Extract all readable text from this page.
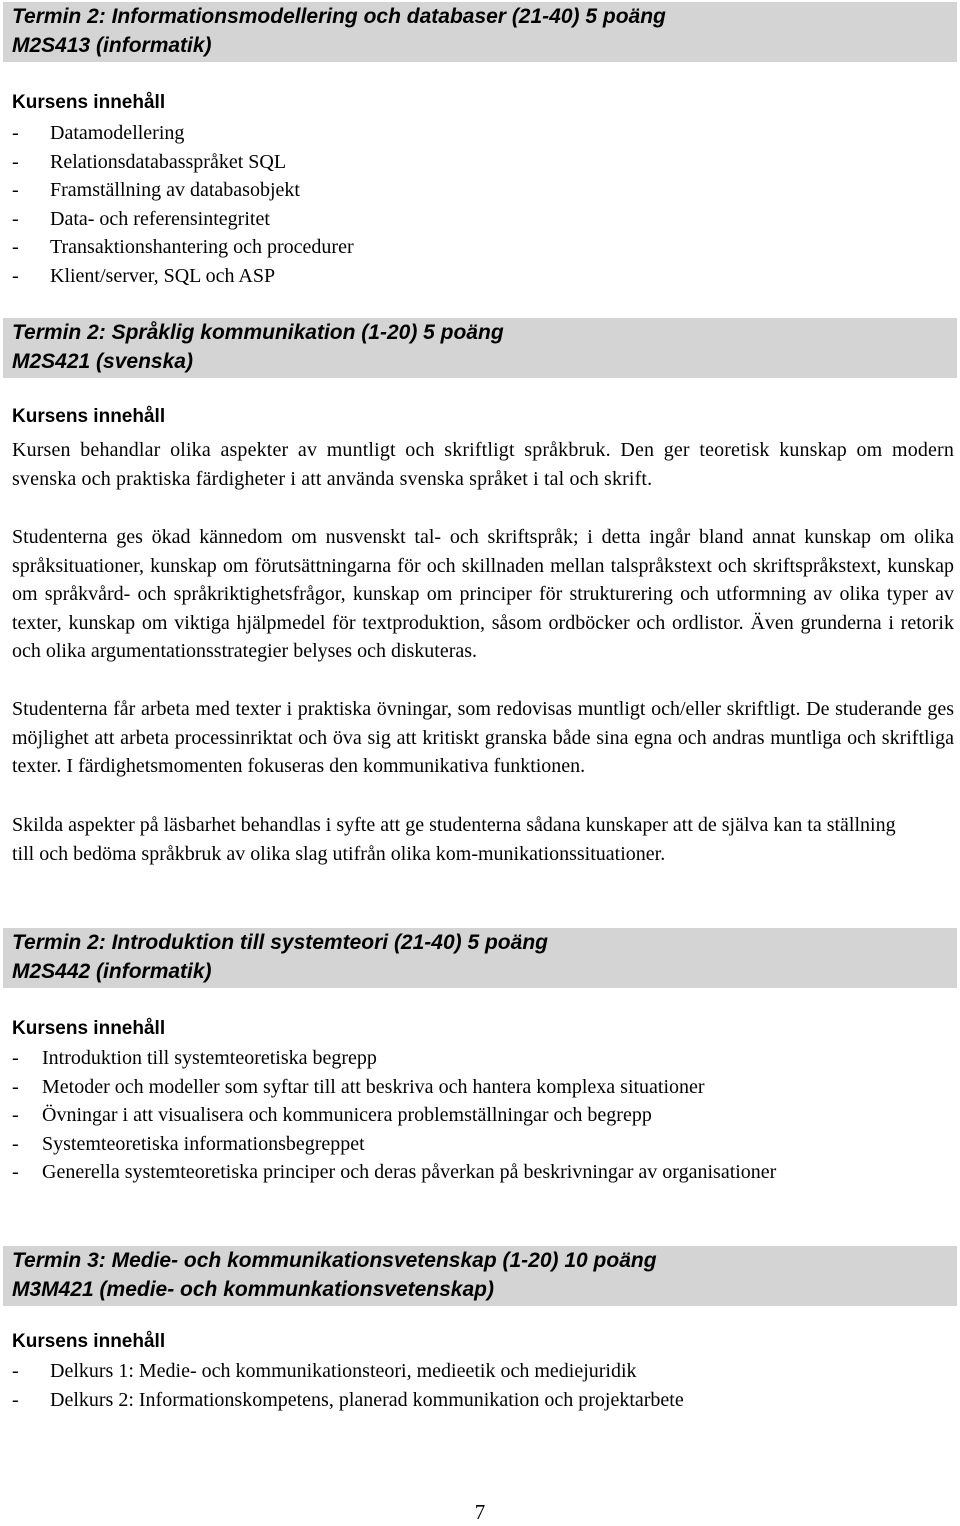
Termin 2: Informationsmodellering och databaser (21-40) 5 poäng
M2S413 (informatik)
Kursens innehåll
- Datamodellering
- Relationsdatabasspråket SQL
- Framställning av databasobjekt
- Data- och referensintegritet
- Transaktionshantering och procedurer
- Klient/server, SQL och ASP
Termin 2: Språklig kommunikation (1-20) 5 poäng
M2S421 (svenska)
Kursens innehåll

Kursen behandlar olika aspekter av muntligt och skriftligt språkbruk. Den ger teoretisk kunskap om modern svenska och praktiska färdigheter i att använda svenska språket i tal och skrift.

Studenterna ges ökad kännedom om nusvenskt tal- och skriftspråk; i detta ingår bland annat kunskap om olika språksituationer, kunskap om förutsättningarna för och skillnaden mellan talspråkstext och skriftspråkstext, kunskap om språkvård- och språkriktighetsfrågor, kunskap om principer för strukturering och utformning av olika typer av texter, kunskap om viktiga hjälpmedel för textproduktion, såsom ordböcker och ordlistor. Även grunderna i retorik och olika argumentationsstrategier belyses och diskuteras.

Studenterna får arbeta med texter i praktiska övningar, som redovisas muntligt och/eller skriftligt. De studerande ges möjlighet att arbeta processinriktat och öva sig att kritiskt granska både sina egna och andras muntliga och skriftliga texter. I färdighetsmomenten fokuseras den kommunikativa funktionen.

Skilda aspekter på läsbarhet behandlas i syfte att ge studenterna sådana kunskaper att de själva kan ta ställning till och bedöma språkbruk av olika slag utifrån olika kom-munikationssituationer.

Termin 2: Introduktion till systemteori (21-40) 5 poäng
M2S442 (informatik)
Kursens innehåll
- Introduktion till systemteoretiska begrepp
- Metoder och modeller som syftar till att beskriva och hantera komplexa situationer
- Övningar i att visualisera och kommunicera problemställningar och begrepp
- Systemteoretiska informationsbegreppet
- Generella systemteoretiska principer och deras påverkan på beskrivningar av organisationer
Termin 3: Medie- och kommunikationsvetenskap (1-20) 10 poäng
M3M421 (medie- och kommunkationsvetenskap)
Kursens innehåll
- Delkurs 1: Medie- och kommunikationsteori, medieetik och mediejuridik
- Delkurs 2: Informationskompetens, planerad kommunikation och projektarbete
7
